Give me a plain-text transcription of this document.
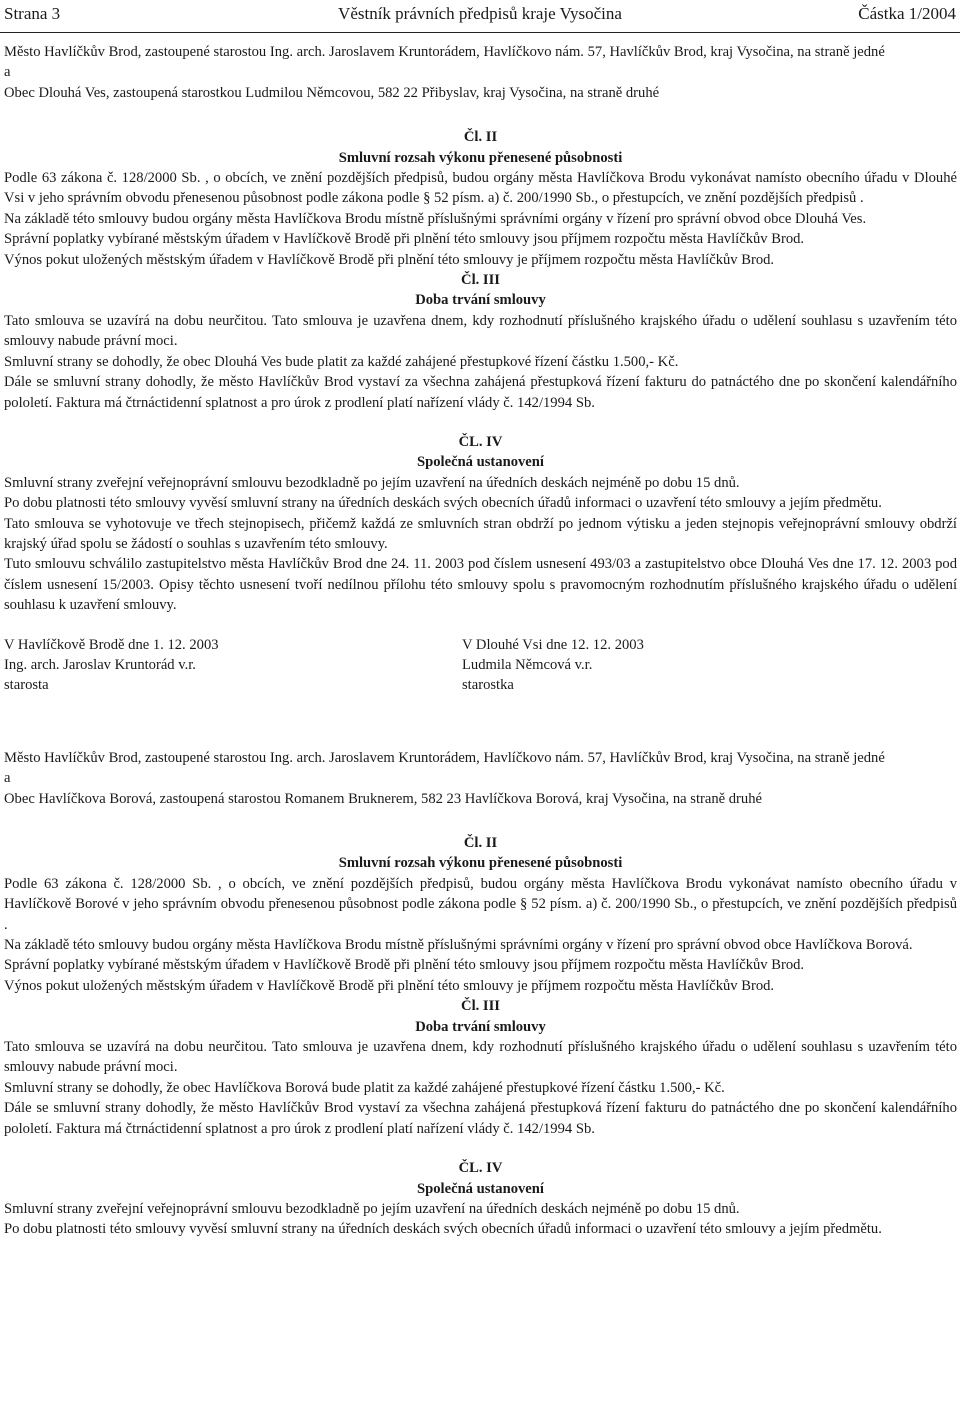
Věstník právních předpisů kraje Vysočina
Strana 3	Částka 1/2004
Město Havlíčkův Brod, zastoupené starostou Ing. arch. Jaroslavem Kruntorádem, Havlíčkovo nám. 57, Havlíčkův Brod, kraj Vysočina, na straně jedné
a
Obec Dlouhá Ves, zastoupená starostkou Ludmilou Němcovou, 582 22 Přibyslav, kraj Vysočina, na straně druhé
Čl. II
Smluvní rozsah výkonu přenesené působnosti
Podle 63 zákona č. 128/2000 Sb. , o obcích, ve znění pozdějších předpisů, budou orgány města Havlíčkova Brodu vykonávat namísto obecního úřadu v Dlouhé Vsi v jeho správním obvodu přenesenou působnost podle zákona podle § 52 písm. a) č. 200/1990 Sb., o přestupcích, ve znění pozdějších předpisů .
Na základě této smlouvy budou orgány města Havlíčkova Brodu místně příslušnými správními orgány v řízení pro správní obvod obce Dlouhá Ves.
Správní poplatky vybírané městským úřadem v Havlíčkově Brodě při plnění této smlouvy jsou příjmem rozpočtu města Havlíčkův Brod.
Výnos pokut uložených městským úřadem v Havlíčkově Brodě při plnění této smlouvy je příjmem rozpočtu města Havlíčkův Brod.
Čl. III
Doba trvání smlouvy
Tato smlouva se uzavírá na dobu neurčitou. Tato smlouva je uzavřena dnem, kdy rozhodnutí příslušného krajského úřadu o udělení souhlasu s uzavřením této smlouvy nabude právní moci.
Smluvní strany se dohodly, že obec Dlouhá Ves bude platit za každé zahájené přestupkové řízení částku 1.500,- Kč.
Dále se smluvní strany dohodly, že město Havlíčkův Brod vystaví za všechna zahájená přestupková řízení fakturu do patnáctého dne po skončení kalendářního pololetí. Faktura má čtrnáctidenní splatnost a pro úrok z prodlení platí nařízení vlády č. 142/1994 Sb.
ČL. IV
Společná ustanovení
Smluvní strany zveřejní veřejnoprávní smlouvu bezodkladně po jejím uzavření na úředních deskách nejméně po dobu 15 dnů.
Po dobu platnosti této smlouvy vyvěsí smluvní strany na úředních deskách svých obecních úřadů informaci o uzavření této smlouvy a jejím předmětu.
Tato smlouva se vyhotovuje ve třech stejnopisech, přičemž každá ze smluvních stran obdrží po jednom výtisku a jeden stejnopis veřejnoprávní smlouvy obdrží krajský úřad spolu se žádostí o souhlas s uzavřením této smlouvy.
Tuto smlouvu schválilo zastupitelstvo města Havlíčkův Brod dne 24. 11. 2003 pod číslem usnesení 493/03 a zastupitelstvo obce Dlouhá Ves dne 17. 12. 2003 pod číslem usnesení 15/2003. Opisy těchto usnesení tvoří nedílnou přílohu této smlouvy spolu s pravomocným rozhodnutím příslušného krajského úřadu o udělení souhlasu k uzavření smlouvy.
V Havlíčkově Brodě dne 1. 12. 2003
Ing. arch. Jaroslav Kruntorád v.r.
starosta
V Dlouhé Vsi dne 12. 12. 2003
Ludmila Němcová v.r.
starostka
Město Havlíčkův Brod, zastoupené starostou Ing. arch. Jaroslavem Kruntorádem, Havlíčkovo nám. 57, Havlíčkův Brod, kraj Vysočina, na straně jedné
a
Obec Havlíčkova Borová, zastoupená starostou Romanem Bruknerem, 582 23 Havlíčkova Borová, kraj Vysočina, na straně druhé
Čl. II
Smluvní rozsah výkonu přenesené působnosti
Podle 63 zákona č. 128/2000 Sb. , o obcích, ve znění pozdějších předpisů, budou orgány města Havlíčkova Brodu vykonávat namísto obecního úřadu v Havlíčkově Borové v jeho správním obvodu přenesenou působnost podle zákona podle § 52 písm. a) č. 200/1990 Sb., o přestupcích, ve znění pozdějších předpisů .
Na základě této smlouvy budou orgány města Havlíčkova Brodu místně příslušnými správními orgány v řízení pro správní obvod obce Havlíčkova Borová.
Správní poplatky vybírané městským úřadem v Havlíčkově Brodě při plnění této smlouvy jsou příjmem rozpočtu města Havlíčkův Brod.
Výnos pokut uložených městským úřadem v Havlíčkově Brodě při plnění této smlouvy je příjmem rozpočtu města Havlíčkův Brod.
Čl. III
Doba trvání smlouvy
Tato smlouva se uzavírá na dobu neurčitou. Tato smlouva je uzavřena dnem, kdy rozhodnutí příslušného krajského úřadu o udělení souhlasu s uzavřením této smlouvy nabude právní moci.
Smluvní strany se dohodly, že obec Havlíčkova Borová bude platit za každé zahájené přestupkové řízení částku 1.500,- Kč.
Dále se smluvní strany dohodly, že město Havlíčkův Brod vystaví za všechna zahájená přestupková řízení fakturu do patnáctého dne po skončení kalendářního pololetí. Faktura má čtrnáctidenní splatnost a pro úrok z prodlení platí nařízení vlády č. 142/1994 Sb.
ČL. IV
Společná ustanovení
Smluvní strany zveřejní veřejnoprávní smlouvu bezodkladně po jejím uzavření na úředních deskách nejméně po dobu 15 dnů.
Po dobu platnosti této smlouvy vyvěsí smluvní strany na úředních deskách svých obecních úřadů informaci o uzavření této smlouvy a jejím předmětu.
